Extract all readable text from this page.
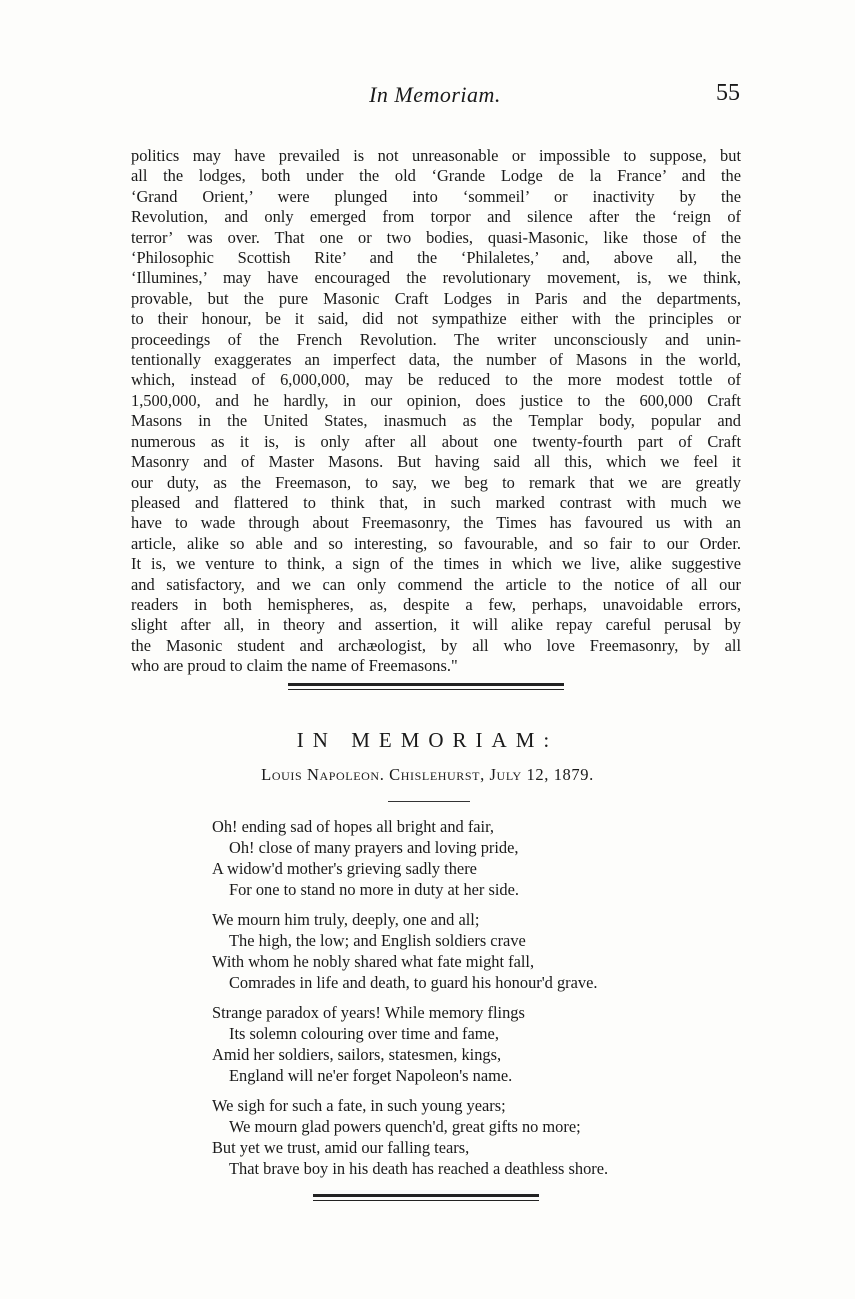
In Memoriam.	55
politics may have prevailed is not unreasonable or impossible to suppose, but
all the lodges, both under the old ‘Grande Lodge de la France’ and the
‘Grand Orient,’ were plunged into ‘sommeil’ or inactivity by the
Revolution, and only emerged from torpor and silence after the ‘reign of
terror’ was over. That one or two bodies, quasi-Masonic, like those of the
‘Philosophic Scottish Rite’ and the ‘Philaletes,’ and, above all, the
‘Illumines,’ may have encouraged the revolutionary movement, is, we think,
provable, but the pure Masonic Craft Lodges in Paris and the departments,
to their honour, be it said, did not sympathize either with the principles or
proceedings of the French Revolution. The writer unconsciously and unin-
tentionally exaggerates an imperfect data, the number of Masons in the world,
which, instead of 6,000,000, may be reduced to the more modest tottle of
1,500,000, and he hardly, in our opinion, does justice to the 600,000 Craft
Masons in the United States, inasmuch as the Templar body, popular and
numerous as it is, is only after all about one twenty-fourth part of Craft
Masonry and of Master Masons. But having said all this, which we feel it
our duty, as the Freemason, to say, we beg to remark that we are greatly
pleased and flattered to think that, in such marked contrast with much we
have to wade through about Freemasonry, the Times has favoured us with an
article, alike so able and so interesting, so favourable, and so fair to our Order.
It is, we venture to think, a sign of the times in which we live, alike suggestive
and satisfactory, and we can only commend the article to the notice of all our
readers in both hemispheres, as, despite a few, perhaps, unavoidable errors,
slight after all, in theory and assertion, it will alike repay careful perusal by
the Masonic student and archæologist, by all who love Freemasonry, by all
who are proud to claim the name of Freemasons."
IN MEMORIAM:
Louis Napoleon. Chislehurst, July 12, 1879.
Oh! ending sad of hopes all bright and fair,
Oh! close of many prayers and loving pride,
A widow'd mother's grieving sadly there
For one to stand no more in duty at her side.
We mourn him truly, deeply, one and all;
The high, the low; and English soldiers crave
With whom he nobly shared what fate might fall,
Comrades in life and death, to guard his honour'd grave.
Strange paradox of years! While memory flings
Its solemn colouring over time and fame,
Amid her soldiers, sailors, statesmen, kings,
England will ne'er forget Napoleon's name.
We sigh for such a fate, in such young years;
We mourn glad powers quench'd, great gifts no more;
But yet we trust, amid our falling tears,
That brave boy in his death has reached a deathless shore.
